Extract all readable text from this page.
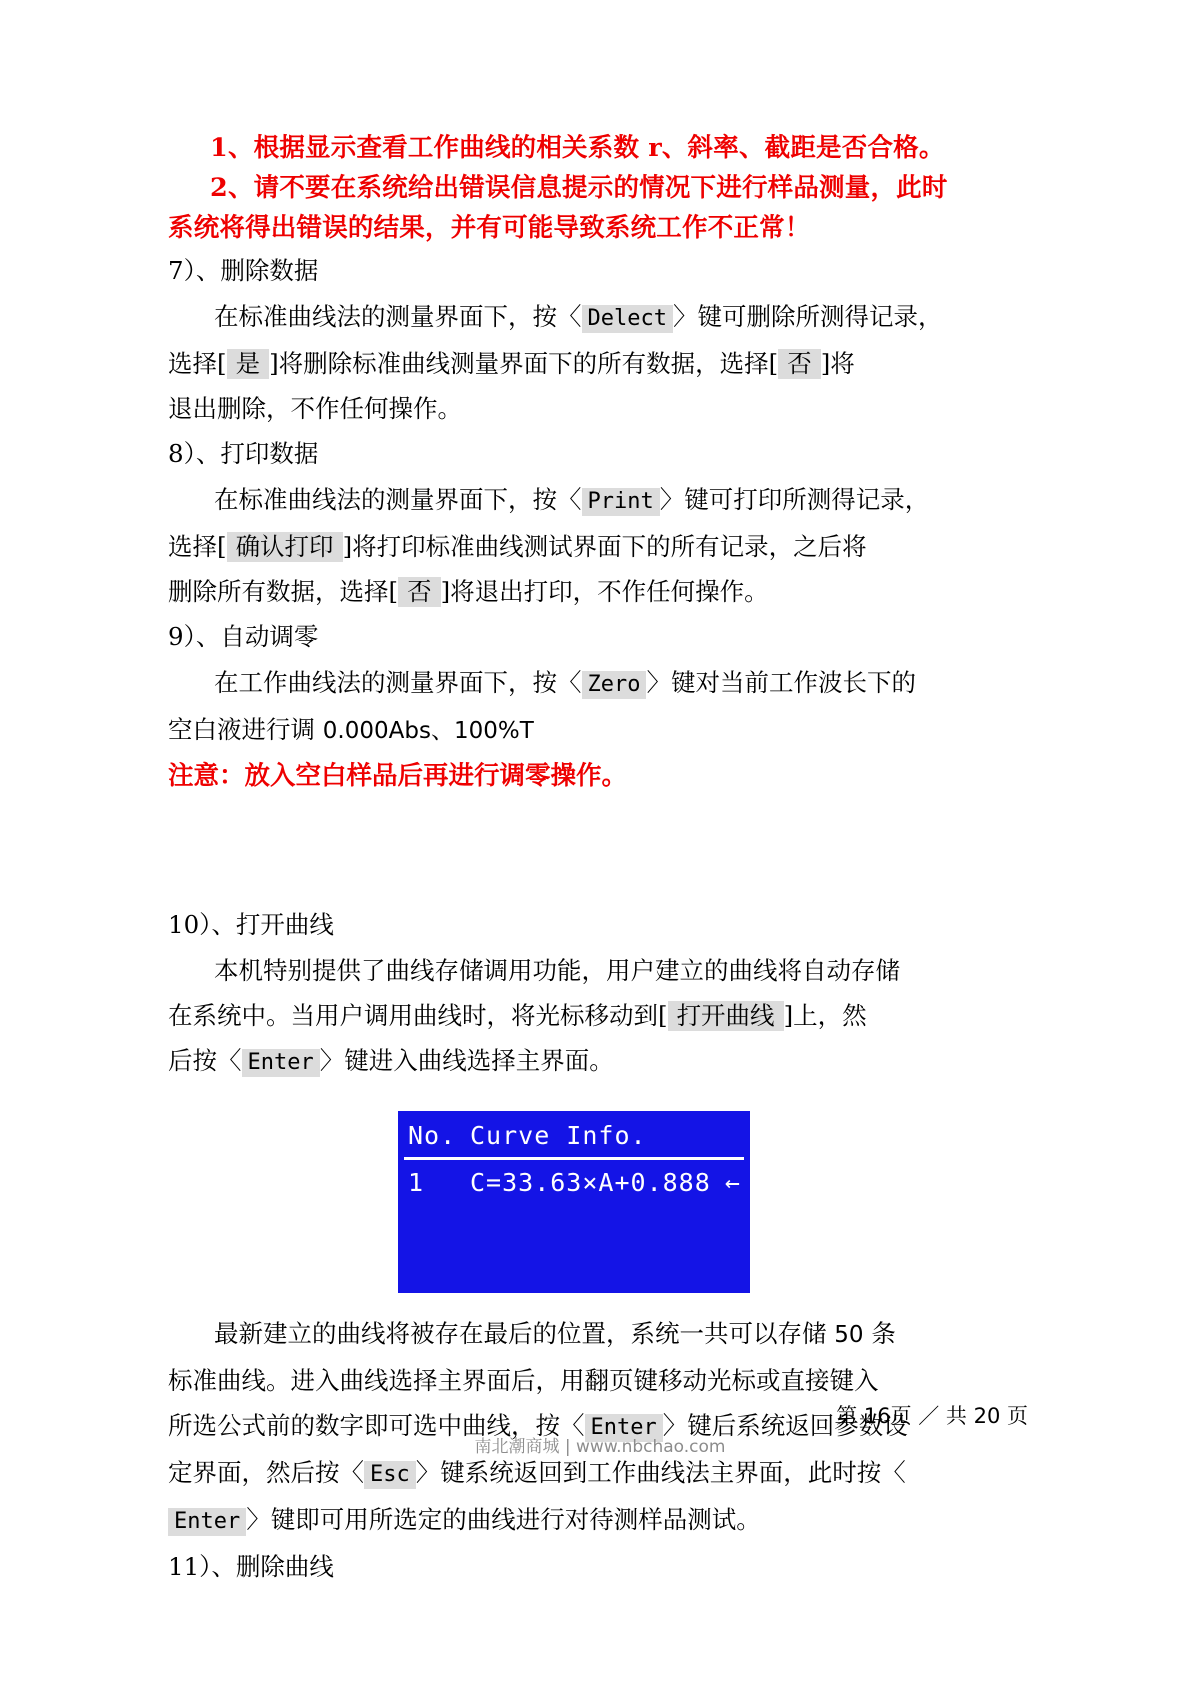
1、根据显示查看工作曲线的相关系数 r、斜率、截距是否合格。
2、请不要在系统给出错误信息提示的情况下进行样品测量，此时
系统将得出错误的结果，并有可能导致系统工作不正常！
7）、删除数据
在标准曲线法的测量界面下，按〈 Delect 〉键可删除所测得记录，
选择[ 是 ]将删除标准曲线测量界面下的所有数据，选择[ 否 ]将
退出删除，不作任何操作。
8）、打印数据
在标准曲线法的测量界面下，按〈 Print 〉键可打印所测得记录，
选择[ 确认打印 ]将打印标准曲线测试界面下的所有记录，之后将
删除所有数据，选择[ 否 ]将退出打印，不作任何操作。
9）、自动调零
在工作曲线法的测量界面下，按〈 Zero 〉键对当前工作波长下的
空白液进行调 0.000Abs、100%T
注意：放入空白样品后再进行调零操作。
10）、打开曲线
本机特别提供了曲线存储调用功能，用户建立的曲线将自动存储
在系统中。当用户调用曲线时，将光标移动到[ 打开曲线 ]上，然
后按〈 Enter 〉键进入曲线选择主界面。
No. Curve Info.
1	C=33.63×A+0.888 ←
最新建立的曲线将被存在最后的位置，系统一共可以存储 50 条
标准曲线。进入曲线选择主界面后，用翻页键移动光标或直接键入
所选公式前的数字即可选中曲线，按〈 Enter 〉键后系统返回参数设
定界面，然后按〈 Esc 〉键系统返回到工作曲线法主界面，此时按〈
Enter 〉键即可用所选定的曲线进行对待测样品测试。
11）、删除曲线
第 16页 ／ 共 20 页
南北潮商城 | www.nbchao.com
